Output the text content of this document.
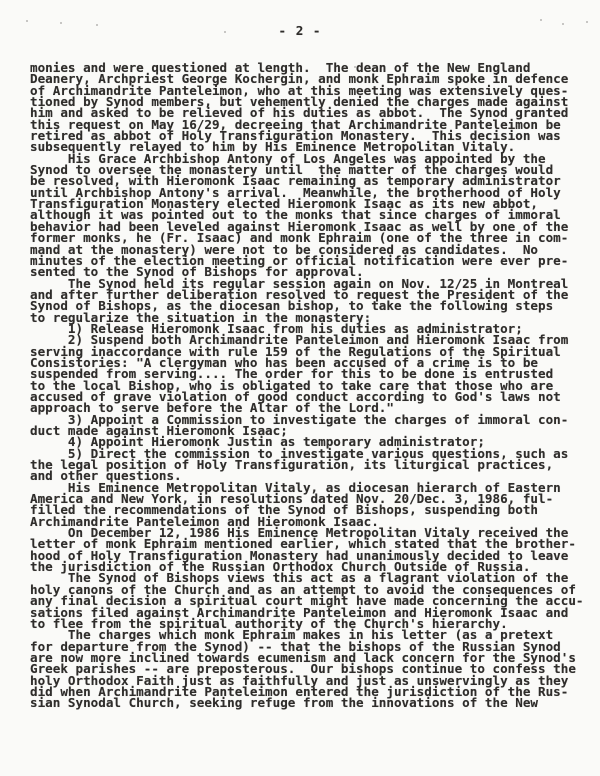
- 2 -
monies and were questioned at length.  The dean of the New England
Deanery, Archpriest George Kochergin, and monk Ephraim spoke in defence
of Archimandrite Panteleimon, who at this meeting was extensively ques-
tioned by Synod members, but vehemently denied the charges made against
him and asked to be relieved of his duties as abbot.  The Synod granted
this request on May 16/29, decreeing that Archimandrite Panteleimon be
retired as abbot of Holy Transfiguration Monastery.  This decision was
subsequently relayed to him by His Eminence Metropolitan Vitaly.
His Grace Archbishop Antony of Los Angeles was appointed by the
Synod to oversee the monastery until  the matter of the charges would
be resolved, with Hieromonk Isaac remaining as temporary administrator
until Archbishop Antony's arrival.  Meanwhile, the brotherhood of Holy
Transfiguration Monastery elected Hieromonk Isaac as its new abbot,
although it was pointed out to the monks that since charges of immoral
behavior had been leveled against Hieromonk Isaac as well by one of the
former monks, he (Fr. Isaac) and monk Ephraim (one of the three in com-
mand at the monastery) were not to be considered as candidates.  No
minutes of the election meeting or official notification were ever pre-
sented to the Synod of Bishops for approval.
The Synod held its regular session again on Nov. 12/25 in Montreal
and after further deliberation resolved to request the President of the
Synod of Bishops, as the diocesan bishop, to take the following steps
to regularize the situation in the monastery:
1) Release Hieromonk Isaac from his duties as administrator;
2) Suspend both Archimandrite Panteleimon and Hieromonk Isaac from
serving inaccordance with rule 159 of the Regulations of the Spiritual
Consistories: "A clergyman who has been accused of a crime is to be
suspended from serving.... The order for this to be done is entrusted
to the local Bishop, who is obligated to take care that those who are
accused of grave violation of good conduct according to God's laws not
approach to serve before the Altar of the Lord."
3) Appoint a Commission to investigate the charges of immoral con-
duct made against Hieromonk Isaac;
4) Appoint Hieromonk Justin as temporary administrator;
5) Direct the commission to investigate various questions, such as
the legal position of Holy Transfiguration, its liturgical practices,
and other questions.
His Eminence Metropolitan Vitaly, as diocesan hierarch of Eastern
America and New York, in resolutions dated Nov. 20/Dec. 3, 1986, ful-
filled the recommendations of the Synod of Bishops, suspending both
Archimandrite Panteleimon and Hieromonk Isaac.
On December 12, 1986 His Eminence Metropolitan Vitaly received the
letter of monk Ephraim mentioned earlier, which stated that the brother-
hood of Holy Transfiguration Monastery had unanimously decided to leave
the jurisdiction of the Russian Orthodox Church Outside of Russia.
The Synod of Bishops views this act as a flagrant violation of the
holy canons of the Church and as an attempt to avoid the consequences of
any final decision a spiritual court might have made concerning the accu-
sations filed against Archimandrite Panteleimon and Hieromonk Isaac and
to flee from the spiritual authority of the Church's hierarchy.
The charges which monk Ephraim makes in his letter (as a pretext
for departure from the Synod) -- that the bishops of the Russian Synod
are now more inclined towards ecumenism and lack concern for the Synod's
Greek parishes -- are preposterous.  Our bishops continue to confess the
holy Orthodox Faith just as faithfully and just as unswervingly as they
did when Archimandrite Panteleimon entered the jurisdiction of the Rus-
sian Synodal Church, seeking refuge from the innovations of the New
